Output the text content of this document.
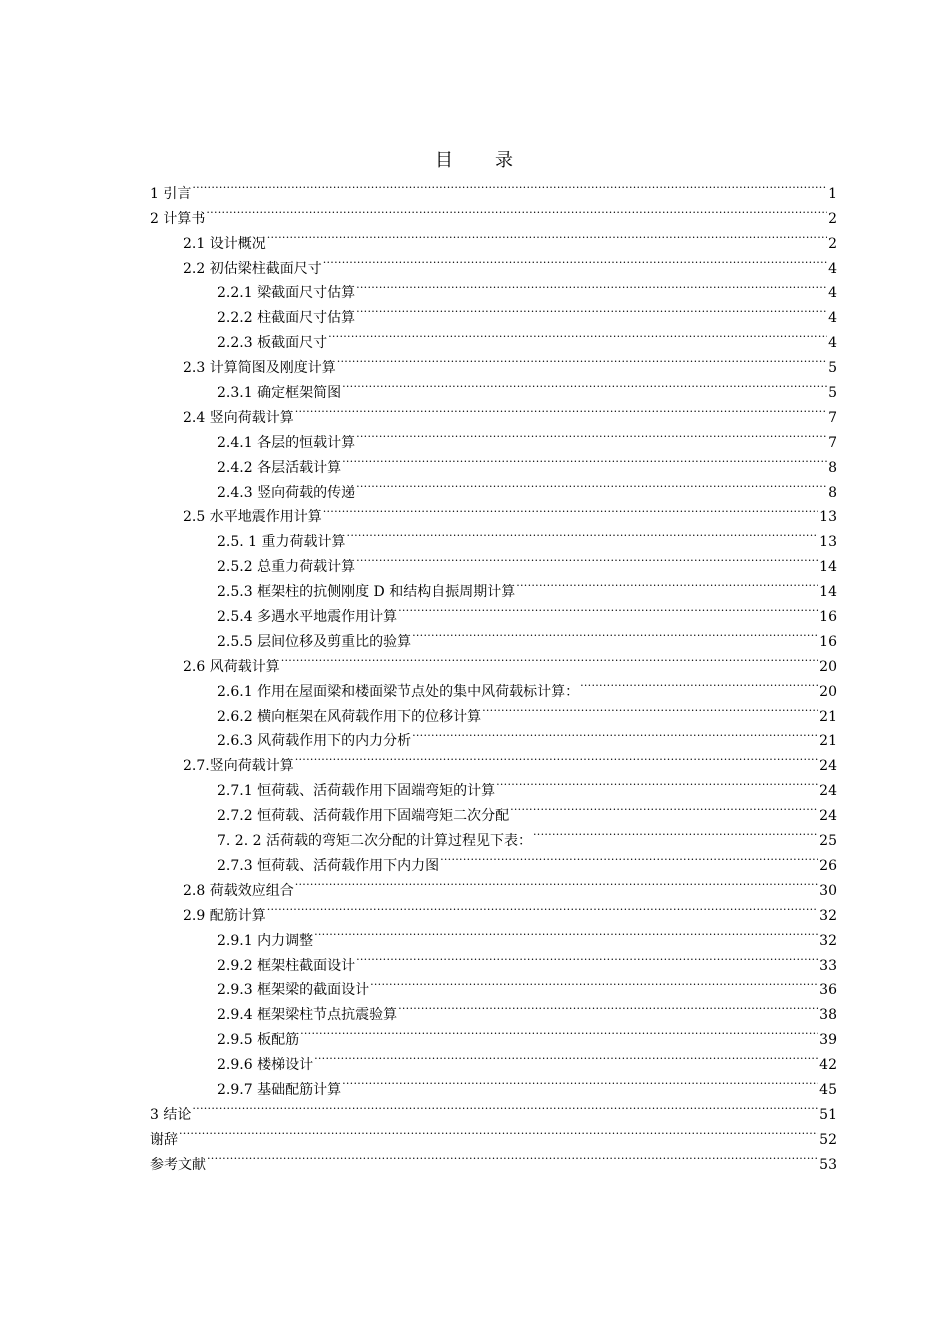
目 录
1 引言 .....	1
2 计算书 .....	2
2.1 设计概况 .....	2
2.2 初估梁柱截面尺寸 .....	4
2.2.1 梁截面尺寸估算 .....	4
2.2.2 柱截面尺寸估算 .....	4
2.2.3 板截面尺寸 .....	4
2.3 计算简图及刚度计算 .....	5
2.3.1 确定框架简图 .....	5
2.4 竖向荷载计算 .....	7
2.4.1 各层的恒载计算 .....	7
2.4.2 各层活载计算 .....	8
2.4.3 竖向荷载的传递 .....	8
2.5 水平地震作用计算 .....	13
2.5. 1 重力荷载计算 .....	13
2.5.2 总重力荷载计算 .....	14
2.5.3 框架柱的抗侧刚度 D 和结构自振周期计算 .....	14
2.5.4 多遇水平地震作用计算 .....	16
2.5.5 层间位移及剪重比的验算 .....	16
2.6 风荷载计算 .....	20
2.6.1 作用在屋面梁和楼面梁节点处的集中风荷载标计算： .....	20
2.6.2 横向框架在风荷载作用下的位移计算 .....	21
2.6.3 风荷载作用下的内力分析 .....	21
2.7.竖向荷载计算 .....	24
2.7.1 恒荷载、活荷载作用下固端弯矩的计算 .....	24
2.7.2 恒荷载、活荷载作用下固端弯矩二次分配 .....	24
7. 2. 2 活荷载的弯矩二次分配的计算过程见下表： .....	25
2.7.3 恒荷载、活荷载作用下内力图 .....	26
2.8 荷载效应组合 .....	30
2.9 配筋计算 .....	32
2.9.1 内力调整 .....	32
2.9.2 框架柱截面设计 .....	33
2.9.3 框架梁的截面设计 .....	36
2.9.4 框架梁柱节点抗震验算 .....	38
2.9.5 板配筋 .....	39
2.9.6 楼梯设计 .....	42
2.9.7 基础配筋计算 .....	45
3 结论 .....	51
谢辞 .....	52
参考文献 .....	53
